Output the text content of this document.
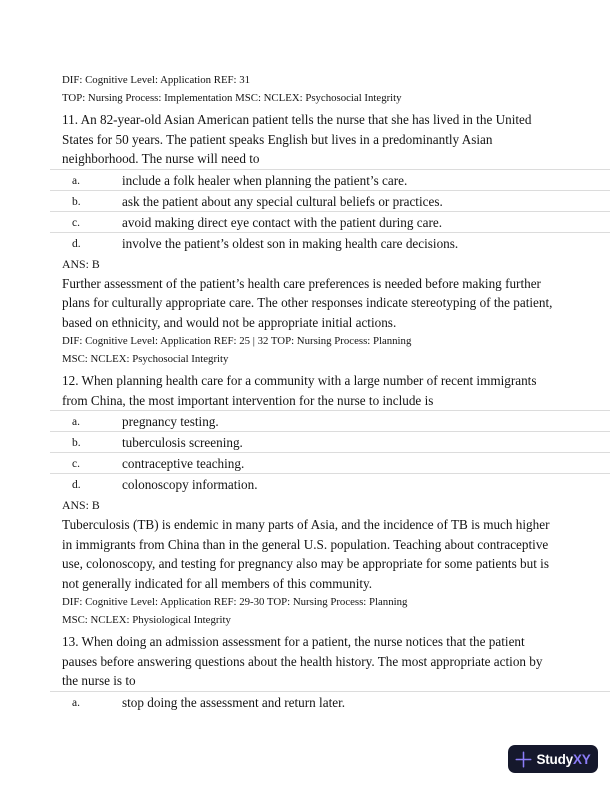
DIF: Cognitive Level: Application REF: 31
TOP: Nursing Process: Implementation MSC: NCLEX: Psychosocial Integrity
11. An 82-year-old Asian American patient tells the nurse that she has lived in the United States for 50 years. The patient speaks English but lives in a predominantly Asian neighborhood. The nurse will need to
a.	include a folk healer when planning the patient’s care.
b.	ask the patient about any special cultural beliefs or practices.
c.	avoid making direct eye contact with the patient during care.
d.	involve the patient’s oldest son in making health care decisions.
ANS: B
Further assessment of the patient’s health care preferences is needed before making further plans for culturally appropriate care. The other responses indicate stereotyping of the patient, based on ethnicity, and would not be appropriate initial actions.
DIF: Cognitive Level: Application REF: 25 | 32 TOP: Nursing Process: Planning
MSC: NCLEX: Psychosocial Integrity
12. When planning health care for a community with a large number of recent immigrants from China, the most important intervention for the nurse to include is
a.	pregnancy testing.
b.	tuberculosis screening.
c.	contraceptive teaching.
d.	colonoscopy information.
ANS: B
Tuberculosis (TB) is endemic in many parts of Asia, and the incidence of TB is much higher in immigrants from China than in the general U.S. population. Teaching about contraceptive use, colonoscopy, and testing for pregnancy also may be appropriate for some patients but is not generally indicated for all members of this community.
DIF: Cognitive Level: Application REF: 29-30 TOP: Nursing Process: Planning
MSC: NCLEX: Physiological Integrity
13. When doing an admission assessment for a patient, the nurse notices that the patient pauses before answering questions about the health history. The most appropriate action by the nurse is to
a.	stop doing the assessment and return later.
StudyXY
